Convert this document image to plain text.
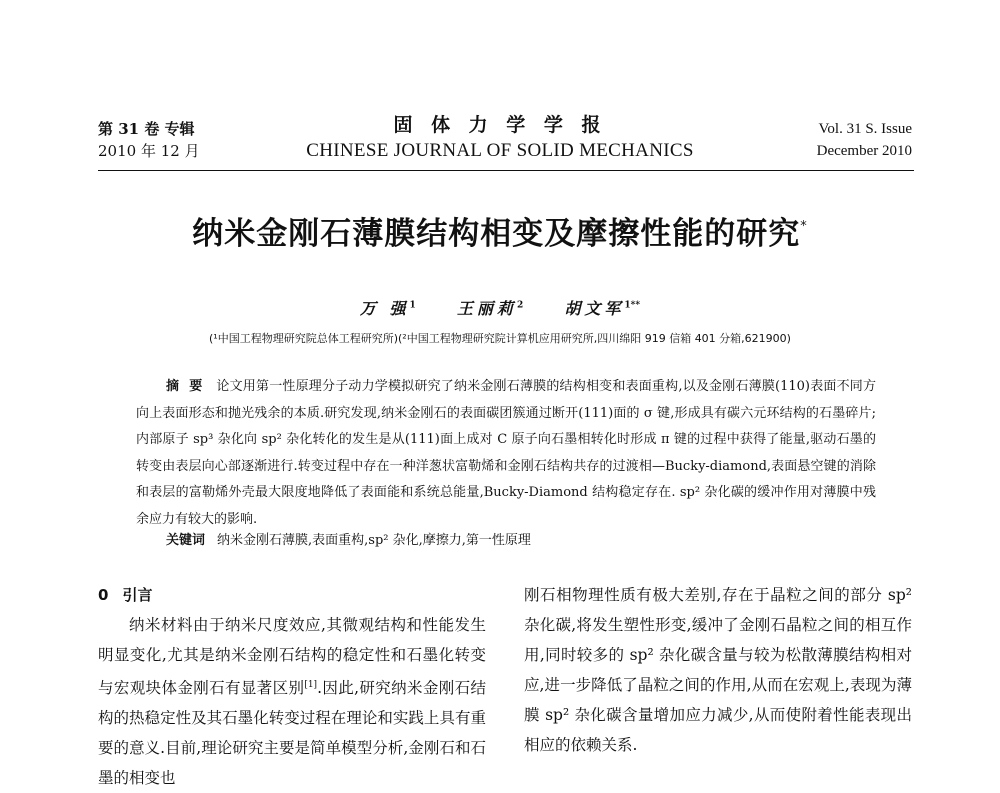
第 31 卷 专辑
2010 年 12 月
固 体 力 学 学 报
CHINESE JOURNAL OF SOLID MECHANICS
Vol. 31 S. Issue
December 2010
纳米金刚石薄膜结构相变及摩擦性能的研究*
万 强$^1$	王丽莉$^2$	胡文军$^{1**}$
(¹中国工程物理研究院总体工程研究所)(²中国工程物理研究院计算机应用研究所,四川绵阳 919 信箱 401 分箱,621900)
摘要 论文用第一性原理分子动力学模拟研究了纳米金刚石薄膜的结构相变和表面重构,以及金刚石薄膜(110)表面不同方向上表面形态和抛光残余的本质.研究发现,纳米金刚石的表面碳团簇通过断开(111)面的 σ 键,形成具有碳六元环结构的石墨碎片;内部原子 sp³ 杂化向 sp² 杂化转化的发生是从(111)面上成对 C 原子向石墨相转化时形成 π 键的过程中获得了能量,驱动石墨的转变由表层向心部逐渐进行.转变过程中存在一种洋葱状富勒烯和金刚石结构共存的过渡相—Bucky-diamond,表面悬空键的消除和表层的富勒烯外壳最大限度地降低了表面能和系统总能量,Bucky-Diamond 结构稳定存在. sp² 杂化碳的缓冲作用对薄膜中残余应力有较大的影响.
关键词 纳米金刚石薄膜,表面重构,sp² 杂化,摩擦力,第一性原理
0 引言

纳米材料由于纳米尺度效应,其微观结构和性能发生明显变化,尤其是纳米金刚石结构的稳定性和石墨化转变与宏观块体金刚石有显著区别[1].因此,研究纳米金刚石结构的热稳定性及其石墨化转变过程在理论和实践上具有重要的意义.目前,理论研究主要是简单模型分析,金刚石和石墨的相变也

刚石相物理性质有极大差别,存在于晶粒之间的部分 sp² 杂化碳,将发生塑性形变,缓冲了金刚石晶粒之间的相互作用,同时较多的 sp² 杂化碳含量与较为松散薄膜结构相对应,进一步降低了晶粒之间的作用,从而在宏观上,表现为薄膜 sp² 杂化碳含量增加应力减少,从而使附着性能表现出相应的依赖关系.
